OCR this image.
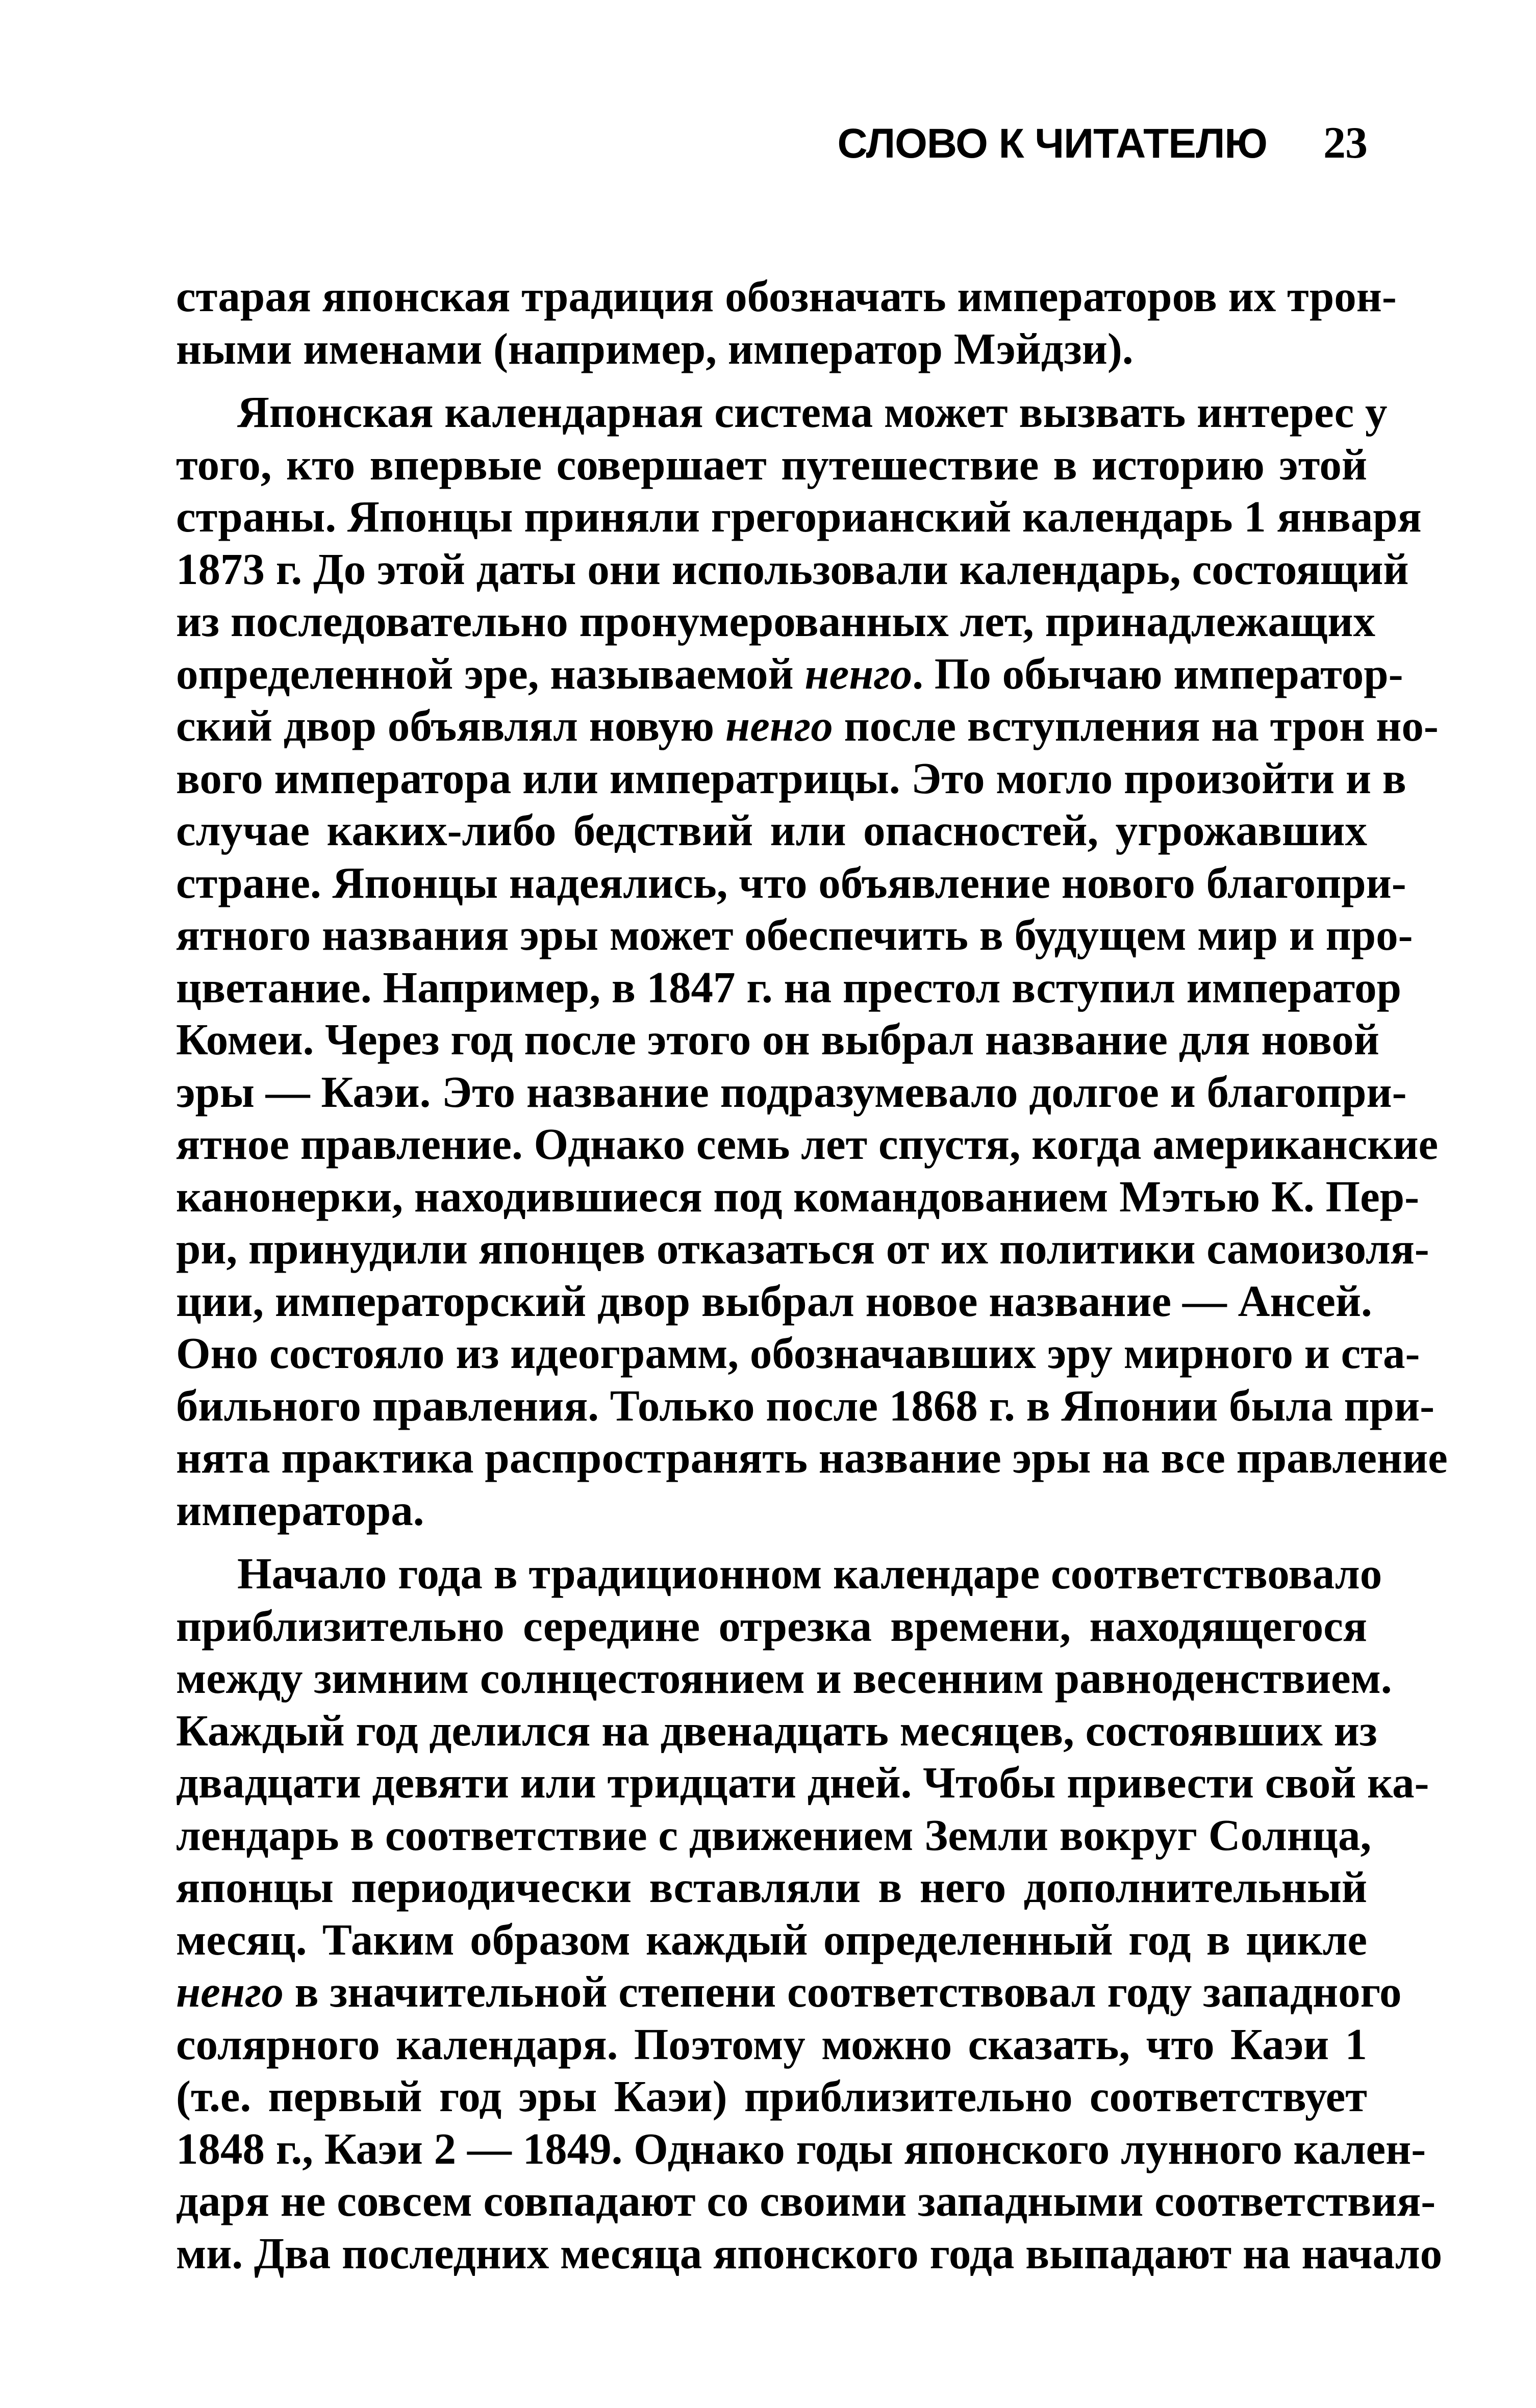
СЛОВО К ЧИТАТЕЛЮ 23

старая японская традиция обозначать императоров их трон-
ными именами (например, император Мэйдзи).

Японская календарная система может вызвать интерес у
того, кто впервые совершает путешествие в историю этой
страны. Японцы приняли грегорианский календарь 1 января
1873 г. До этой даты они использовали календарь, состоящий
из последовательно пронумерованных лет, принадлежащих
определенной эре, называемой ненго. По обычаю император-
ский двор объявлял новую ненго после вступления на трон но-
вого императора или императрицы. Это могло произойти и в
случае каких-либо бедствий или опасностей, угрожавших
стране. Японцы надеялись, что объявление нового благопри-
ятного названия эры может обеспечить в будущем мир и про-
цветание. Например, в 1847 г. на престол вступил император
Комеи. Через год после этого он выбрал название для новой
эры — Каэи. Это название подразумевало долгое и благопри-
ятное правление. Однако семь лет спустя, когда американские
канонерки, находившиеся под командованием Мэтью К. Пер-
ри, принудили японцев отказаться от их политики самоизоля-
ции, императорский двор выбрал новое название — Ансей.
Оно состояло из идеограмм, обозначавших эру мирного и ста-
бильного правления. Только после 1868 г. в Японии была при-
нята практика распространять название эры на все правление
императора.

Начало года в традиционном календаре соответствовало
приблизительно середине отрезка времени, находящегося
между зимним солнцестоянием и весенним равноденствием.
Каждый год делился на двенадцать месяцев, состоявших из
двадцати девяти или тридцати дней. Чтобы привести свой ка-
лендарь в соответствие с движением Земли вокруг Солнца,
японцы периодически вставляли в него дополнительный
месяц. Таким образом каждый определенный год в цикле
ненго в значительной степени соответствовал году западного
солярного календаря. Поэтому можно сказать, что Каэи 1
(т.е. первый год эры Каэи) приблизительно соответствует
1848 г., Каэи 2 — 1849. Однако годы японского лунного кален-
даря не совсем совпадают со своими западными соответствия-
ми. Два последних месяца японского года выпадают на начало
